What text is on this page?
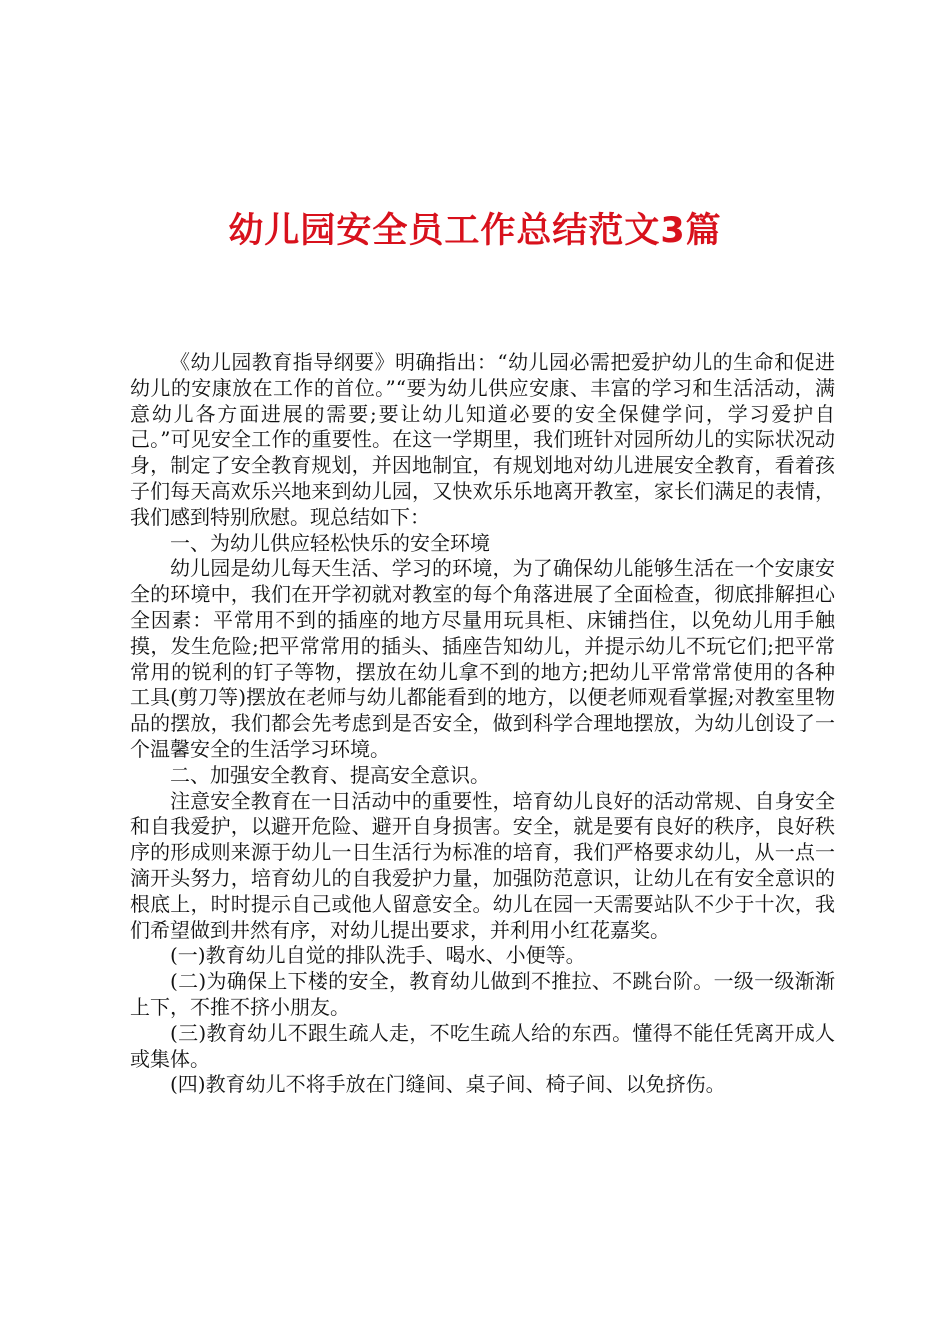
幼儿园安全员工作总结范文3篇

《幼儿园教育指导纲要》明确指出：“幼儿园必需把爱护幼儿的生命和促进幼儿的安康放在工作的首位。”“要为幼儿供应安康、丰富的学习和生活活动，满意幼儿各方面进展的需要;要让幼儿知道必要的安全保健学问，学习爱护自己。”可见安全工作的重要性。在这一学期里，我们班针对园所幼儿的实际状况动身，制定了安全教育规划，并因地制宜，有规划地对幼儿进展安全教育，看着孩子们每天高欢乐兴地来到幼儿园，又快欢乐乐地离开教室，家长们满足的表情，我们感到特别欣慰。现总结如下：

一、为幼儿供应轻松快乐的安全环境

幼儿园是幼儿每天生活、学习的环境，为了确保幼儿能够生活在一个安康安全的环境中，我们在开学初就对教室的每个角落进展了全面检查，彻底排解担心全因素：平常用不到的插座的地方尽量用玩具柜、床铺挡住，以免幼儿用手触摸，发生危险;把平常常用的插头、插座告知幼儿，并提示幼儿不玩它们;把平常常用的锐利的钉子等物，摆放在幼儿拿不到的地方;把幼儿平常常常使用的各种工具(剪刀等)摆放在老师与幼儿都能看到的地方，以便老师观看掌握;对教室里物品的摆放，我们都会先考虑到是否安全，做到科学合理地摆放，为幼儿创设了一个温馨安全的生活学习环境。

二、加强安全教育、提高安全意识。

注意安全教育在一日活动中的重要性，培育幼儿良好的活动常规、自身安全和自我爱护，以避开危险、避开自身损害。安全，就是要有良好的秩序，良好秩序的形成则来源于幼儿一日生活行为标准的培育，我们严格要求幼儿，从一点一滴开头努力，培育幼儿的自我爱护力量，加强防范意识，让幼儿在有安全意识的根底上，时时提示自己或他人留意安全。幼儿在园一天需要站队不少于十次，我们希望做到井然有序，对幼儿提出要求，并利用小红花嘉奖。

(一)教育幼儿自觉的排队洗手、喝水、小便等。

(二)为确保上下楼的安全，教育幼儿做到不推拉、不跳台阶。一级一级渐渐上下，不推不挤小朋友。

(三)教育幼儿不跟生疏人走，不吃生疏人给的东西。懂得不能任凭离开成人或集体。

(四)教育幼儿不将手放在门缝间、桌子间、椅子间、以免挤伤。
